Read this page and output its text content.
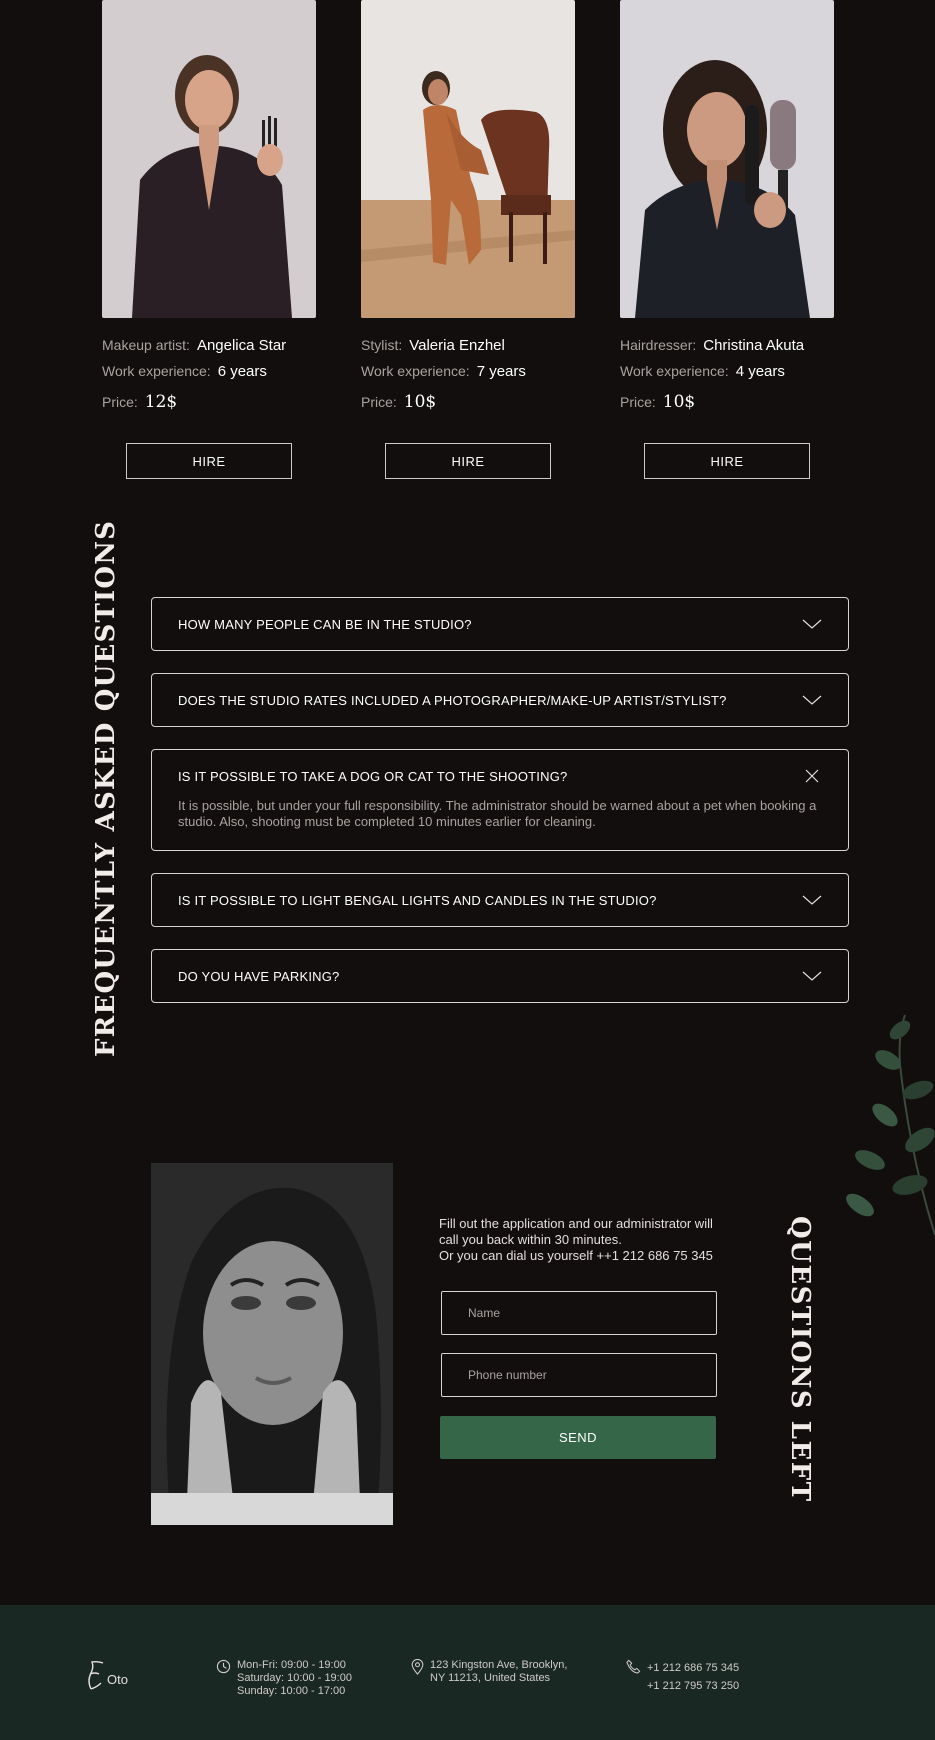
Makeup artist: Angelica Star
Work experience: 6 years
Price: 12$
HIRE
Stylist: Valeria Enzhel
Work experience: 7 years
Price: 10$
HIRE
Hairdresser: Christina Akuta
Work experience: 4 years
Price: 10$
HIRE
FREQUENTLY ASKED QUESTIONS	HOW MANY PEOPLE CAN BE IN THE STUDIO?
DOES THE STUDIO RATES INCLUDED A PHOTOGRAPHER/MAKE-UP ARTIST/STYLIST?
IS IT POSSIBLE TO TAKE A DOG OR CAT TO THE SHOOTING?

It is possible, but under your full responsibility. The administrator should be warned about a pet when booking a studio. Also, shooting must be completed 10 minutes earlier for cleaning.

IS IT POSSIBLE TO LIGHT BENGAL LIGHTS AND CANDLES IN THE STUDIO?
DO YOU HAVE PARKING?
Fill out the application and our administrator will
call you back within 30 minutes.
Or you can dial us yourself ++1 212 686 75 345
Name
Phone number
SEND	QUESTIONS LEFT
Oto
Mon-Fri: 09:00 - 19:00
Saturday: 10:00 - 19:00
Sunday: 10:00 - 17:00
123 Kingston Ave, Brooklyn,
NY 11213, United States
+1 212 686 75 345
+1 212 795 73 250
